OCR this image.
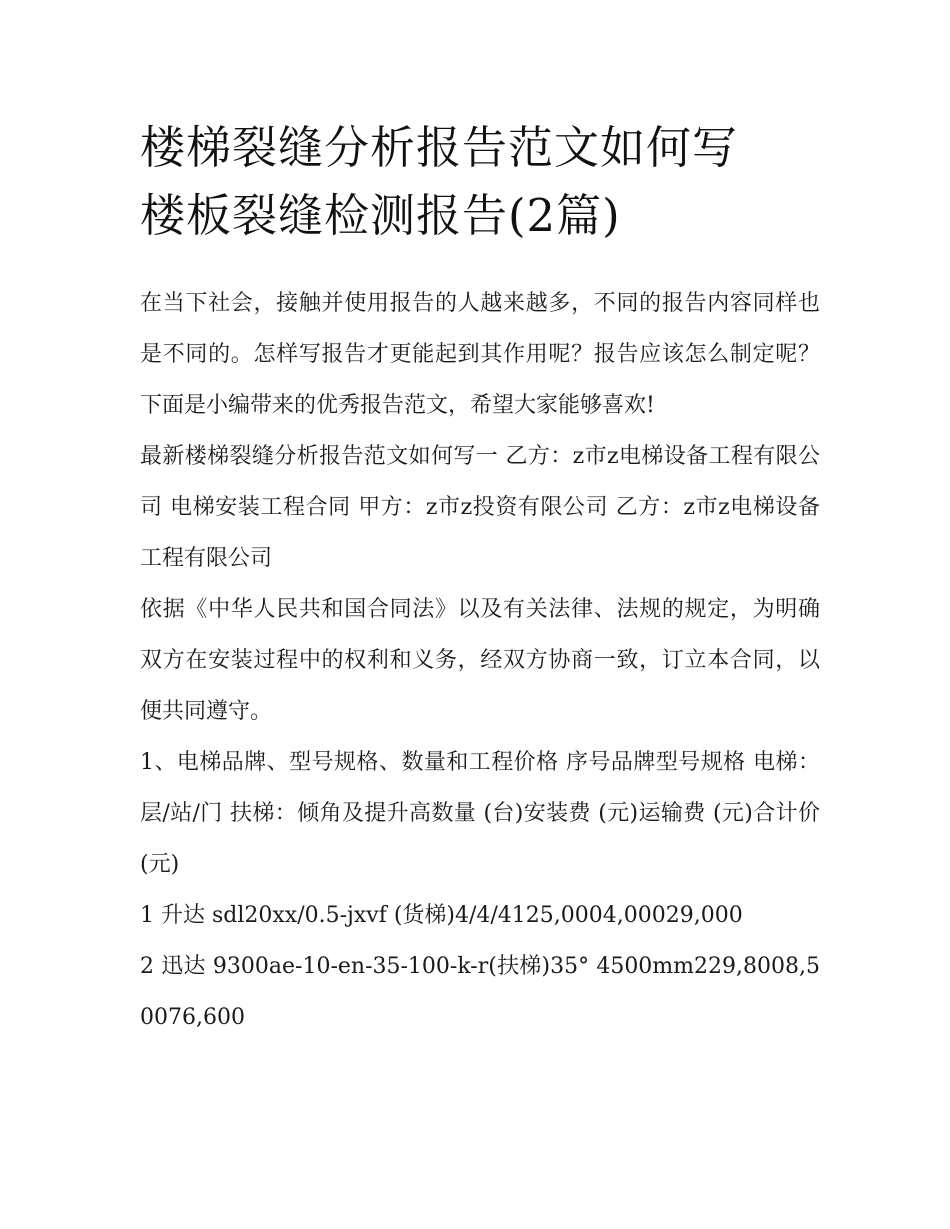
楼梯裂缝分析报告范文如何写
楼板裂缝检测报告(2篇)

在当下社会，接触并使用报告的人越来越多，不同的报告内容同样也是不同的。怎样写报告才更能起到其作用呢？报告应该怎么制定呢？下面是小编带来的优秀报告范文，希望大家能够喜欢!

最新楼梯裂缝分析报告范文如何写一 乙方：z市z电梯设备工程有限公司 电梯安装工程合同 甲方：z市z投资有限公司 乙方：z市z电梯设备工程有限公司

依据《中华人民共和国合同法》以及有关法律、法规的规定，为明确双方在安装过程中的权利和义务，经双方协商一致，订立本合同，以便共同遵守。

1、电梯品牌、型号规格、数量和工程价格 序号品牌型号规格 电梯：层/站/门 扶梯：倾角及提升高数量 (台)安装费 (元)运输费 (元)合计价 (元)

1 升达 sdl20xx/0.5-jxvf (货梯)4/4/4125,0004,00029,000

2 迅达 9300ae-10-en-35-100-k-r(扶梯)35° 4500mm229,8008,50076,600
